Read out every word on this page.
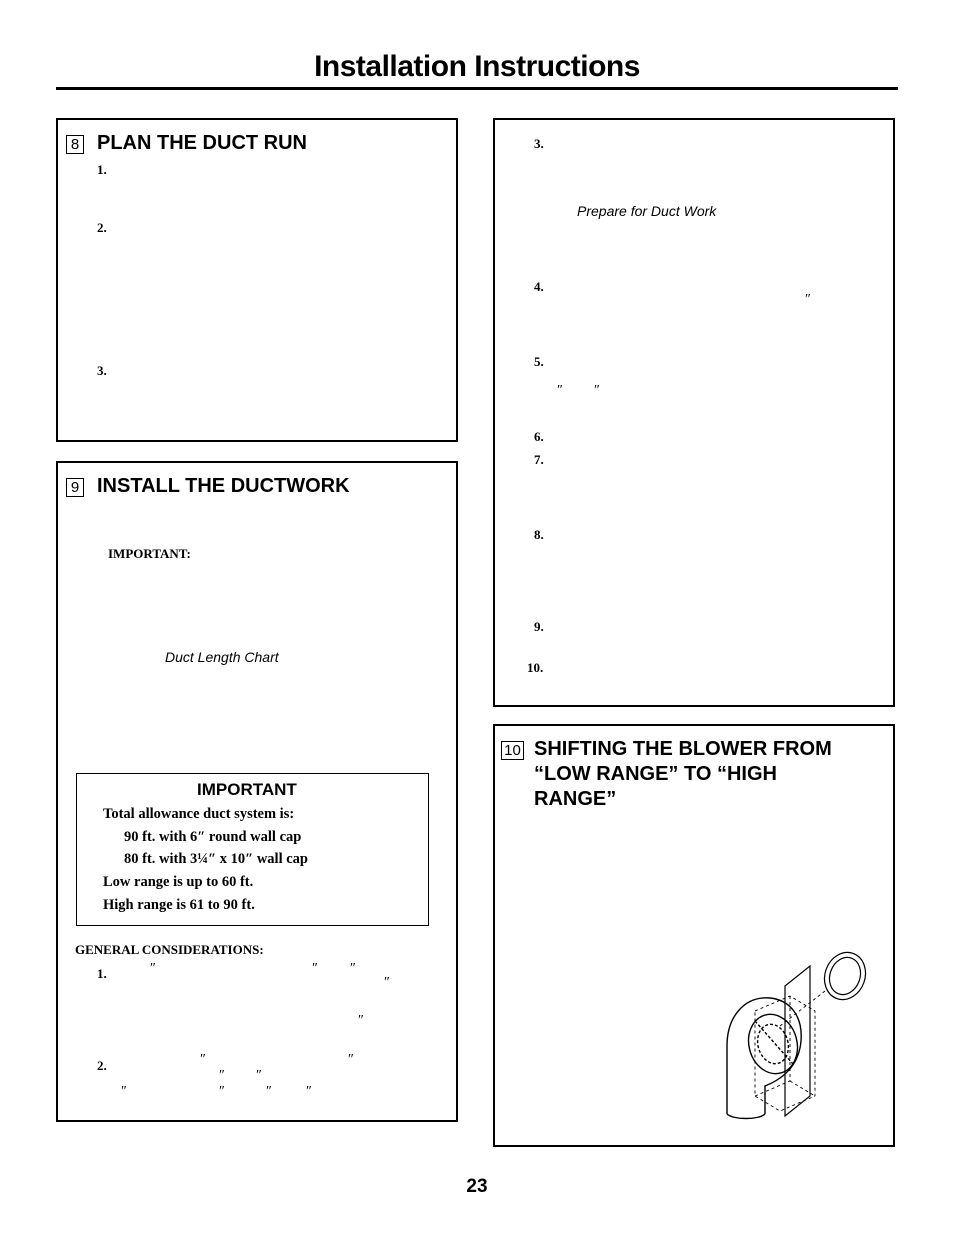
Installation Instructions
8 PLAN THE DUCT RUN
1.
2.
3.
9 INSTALL THE DUCTWORK
IMPORTANT:
Duct Length Chart
IMPORTANT
Total allowance duct system is:
90 ft. with 6″ round wall cap
80 ft. with 3¼″ x 10″ wall cap
Low range is up to 60 ft.
High range is 61 to 90 ft.
GENERAL CONSIDERATIONS:
1.
2.
″	″ ″
″
″
″	″
″ ″
″	″	″ ″
3.
Prepare for Duct Work
4.
″
5.
″ ″
6.
7.
8.
9.
10.
10 SHIFTING THE BLOWER FROM
“LOW RANGE” TO “HIGH
RANGE”
23
